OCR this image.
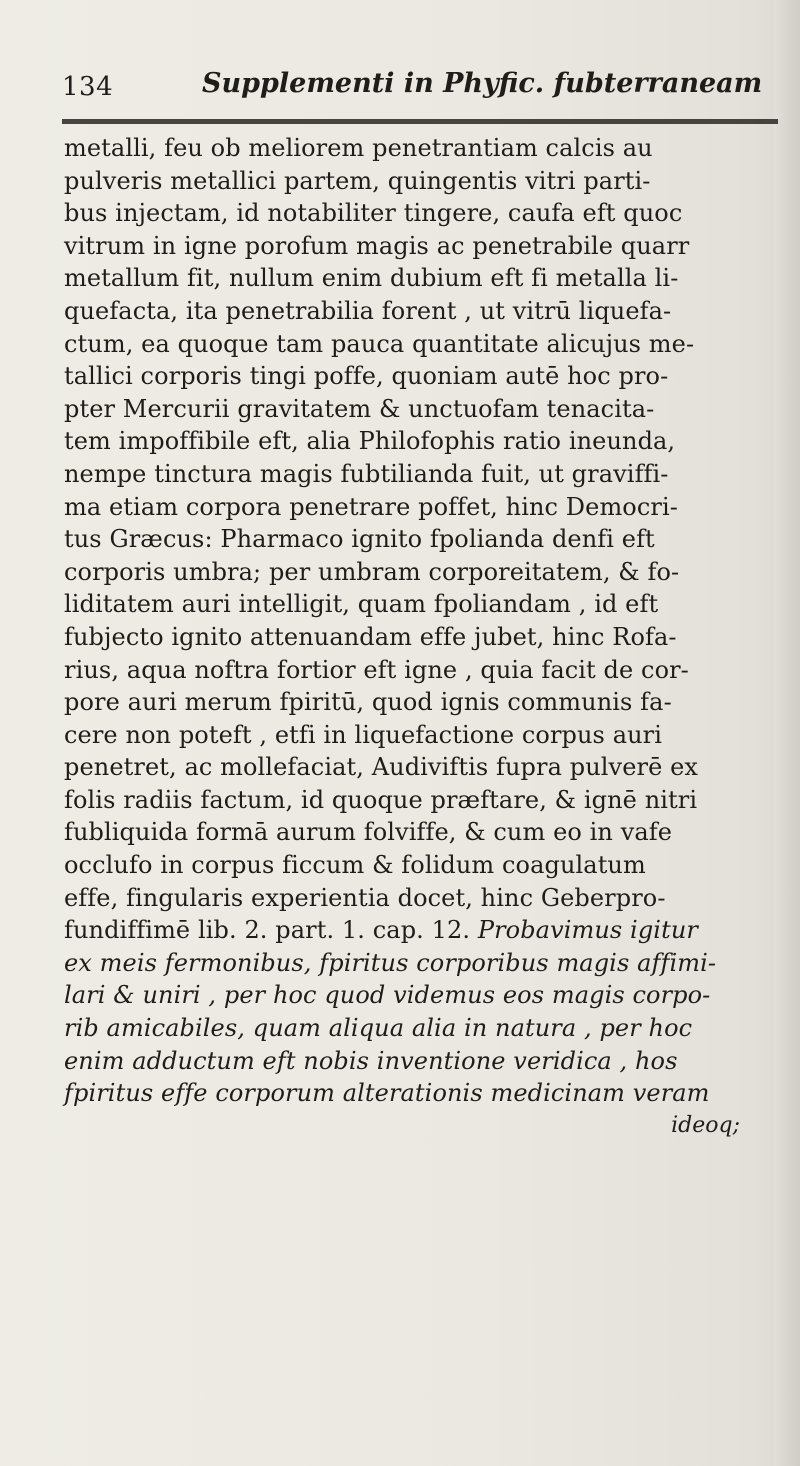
134	Supplementi in Phyfic. fubterraneam
metalli, feu ob meliorem penetrantiam calcis au
pulveris metallici partem, quingentis vitri parti-
bus injectam, id notabiliter tingere, caufa eft quoc
vitrum in igne porofum magis ac penetrabile quarr
metallum fit, nullum enim dubium eft fi metalla li-
quefacta, ita penetrabilia forent , ut vitrū liquefa-
ctum, ea quoque tam pauca quantitate alicujus me-
tallici corporis tingi poffe, quoniam autē hoc pro-
pter Mercurii gravitatem & unctuofam tenacita-
tem impoffibile eft, alia Philofophis ratio ineunda,
nempe tinctura magis fubtilianda fuit, ut graviffi-
ma etiam corpora penetrare poffet, hinc Democri-
tus Græcus: Pharmaco ignito fpolianda denfi eft
corporis umbra; per umbram corporeitatem, & fo-
liditatem auri intelligit, quam fpoliandam , id eft
fubjecto ignito attenuandam effe jubet, hinc Rofa-
rius, aqua noftra fortior eft igne , quia facit de cor-
pore auri merum fpiritū, quod ignis communis fa-
cere non poteft , etfi in liquefactione corpus auri
penetret, ac mollefaciat, Audiviftis fupra pulverē ex
folis radiis factum, id quoque præftare, & ignē nitri
fubliquida formā aurum folviffe, & cum eo in vafe
occlufo in corpus ficcum & folidum coagulatum
effe, fingularis experientia docet, hinc Geberpro-
fundiffimē lib. 2. part. 1. cap. 12. Probavimus igitur
ex meis fermonibus, fpiritus corporibus magis affimi-
lari & uniri , per hoc quod videmus eos magis corpo-
rib amicabiles, quam aliqua alia in natura , per hoc
enim adductum eft nobis inventione veridica , hos
fpiritus effe corporum alterationis medicinam veram
ideoq;
